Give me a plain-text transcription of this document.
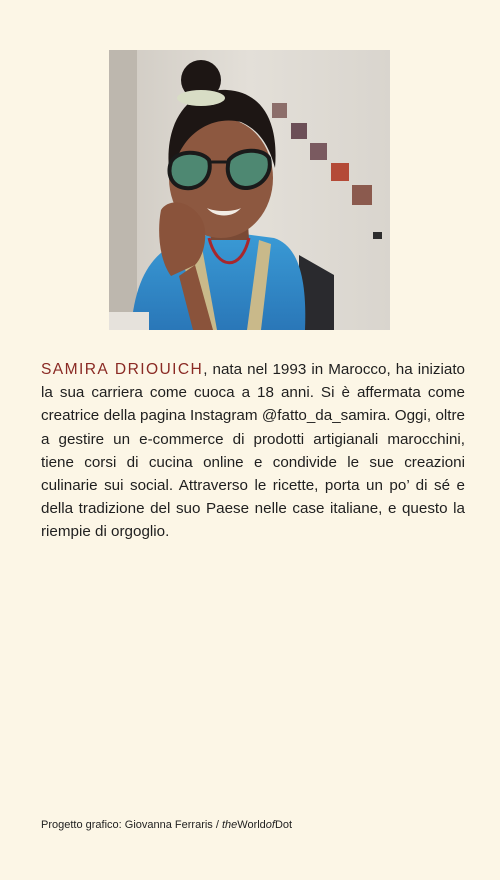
SAMIRA DRIOUICH, nata nel 1993 in Marocco, ha iniziato la sua carriera come cuoca a 18 anni. Si è affermata come creatrice della pagina Instagram @fatto_da_samira. Oggi, oltre a gestire un e-commerce di prodotti artigianali marocchini, tiene corsi di cucina online e condivide le sue creazioni culinarie sui social. Attraverso le ricette, porta un po’ di sé e della tradizione del suo Paese nelle case italiane, e questo la riempie di orgoglio.

Progetto grafico: Giovanna Ferraris / theWorldofDot
